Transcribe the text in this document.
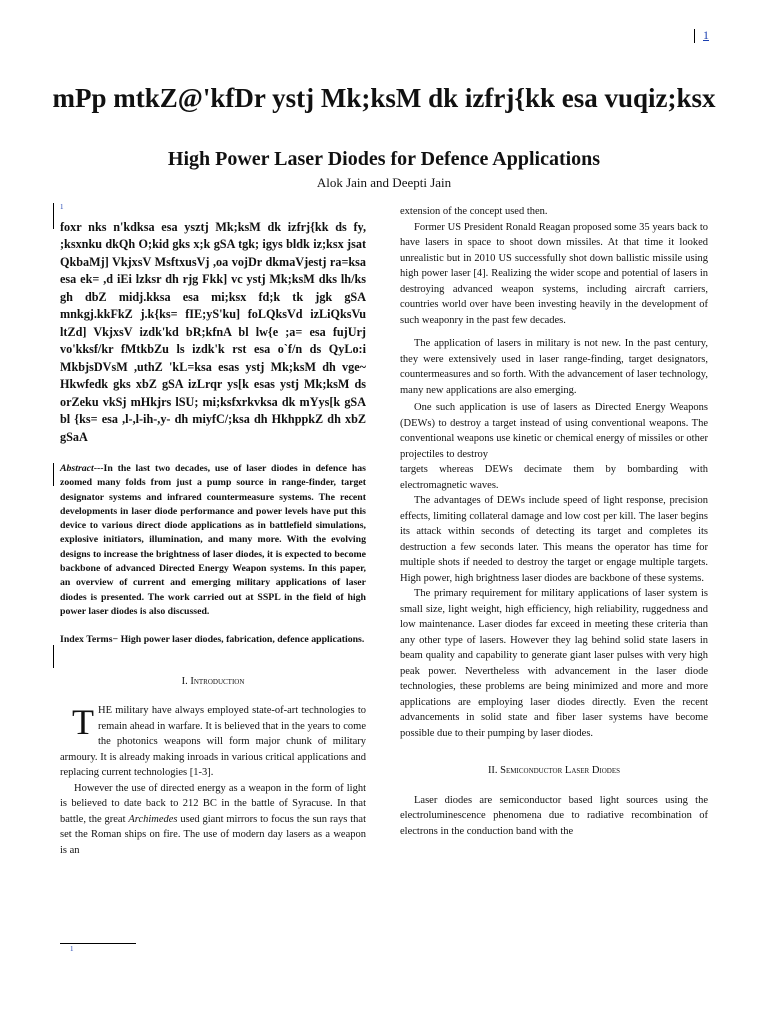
1
mPp mtkZ@'kfDr ystj Mk;ksM dk izfrj{kk esa vuqiz;ksx
High Power Laser Diodes for Defence Applications
Alok Jain and Deepti Jain

$^1$

foxr nks n'kdksa esa ysztj Mk;ksM dk izfrj{kk ds fy, ;ksxnku dkQh O;kid gks x;k gSA tgk; igys bldk iz;ksx jsat QkbaMj] VkjxsV MsftxusVj ,oa vojDr dkmaVjestj ra=ksa esa ek= ,d iEi lzksr dh rjg Fkk] vc ystj Mk;ksM dks lh/ks gh dbZ midj.kksa esa mi;ksx fd;k tk jgk gSA mnkgj.kkFkZ j.k{ks= fIE;yS'ku] foLQksVd izLiQksVu ltZd] VkjxsV izdk'kd bR;kfnA bl lw{e ;a= esa fujUrj vo'kksf/kr fMtkbZu ls izdk'k rst esa o`f/n ds QyLo:i MkbjsDVsM ,uthZ 'kL=ksa esas ystj Mk;ksM dh vge~ Hkwfedk gks xbZ gSA izLrqr ys[k esas ystj Mk;ksM ds orZeku vkSj mHkjrs lSU; mi;ksfxrkvksa dk mYys[k gSA bl {ks= esa ,l-,l-ih-,y- dh miyfC/;ksa dh HkhppkZ dh xbZ gSaA

Abstract---In the last two decades, use of laser diodes in defence has zoomed many folds from just a pump source in range-finder, target designator systems and infrared countermeasure systems. The recent developments in laser diode performance and power levels have put this device to various direct diode applications as in battlefield simulations, explosive initiators, illumination, and many more. With the evolving designs to increase the brightness of laser diodes, it is expected to become backbone of advanced Directed Energy Weapon systems. In this paper, an overview of current and emerging military applications of laser diodes is presented. The work carried out at SSPL in the field of high power laser diodes is also discussed.

Index Terms− High power laser diodes, fabrication, defence applications.

I. Introduction

THE military have always employed state-of-art technologies to remain ahead in warfare. It is believed that in the years to come the photonics weapons will form major chunk of military armoury. It is already making inroads in various critical applications and replacing current technologies [1-3].

However the use of directed energy as a weapon in the form of light is believed to date back to 212 BC in the battle of Syracuse. In that battle, the great Archimedes used giant mirrors to focus the sun rays that set the Roman ships on fire. The use of modern day lasers as a weapon is an

extension of the concept used then.

Former US President Ronald Reagan proposed some 35 years back to have lasers in space to shoot down missiles. At that time it looked unrealistic but in 2010 US successfully shot down ballistic missile using high power laser [4]. Realizing the wider scope and potential of lasers in destroying advanced weapon systems, including aircraft carriers, countries world over have been investing heavily in the development of such weaponry in the past few decades.

The application of lasers in military is not new. In the past century, they were extensively used in laser range-finding, target designators, countermeasures and so forth. With the advancement of laser technology, many new applications are also emerging.

One such application is use of lasers as Directed Energy Weapons (DEWs) to destroy a target instead of using conventional weapons. The conventional weapons use kinetic or chemical energy of missiles or other projectiles to destroy

targets whereas DEWs decimate them by bombarding with electromagnetic waves.

The advantages of DEWs include speed of light response, precision effects, limiting collateral damage and low cost per kill. The laser begins its attack within seconds of detecting its target and completes its destruction a few seconds later. This means the operator has time for multiple shots if needed to destroy the target or engage multiple targets. High power, high brightness laser diodes are backbone of these systems.

The primary requirement for military applications of laser system is small size, light weight, high efficiency, high reliability, ruggedness and low maintenance. Laser diodes far exceed in meeting these criteria than any other type of lasers. However they lag behind solid state lasers in beam quality and capability to generate giant laser pulses with very high peak power. Nevertheless with advancement in the laser diode technologies, these problems are being minimized and more and more applications are employing laser diodes directly. Even the recent advancements in solid state and fiber laser systems have become possible due to their pumping by laser diodes.

II. Semiconductor Laser Diodes

Laser diodes are semiconductor based light sources using the electroluminescence phenomena due to radiative recombination of electrons in the conduction band with the

1
